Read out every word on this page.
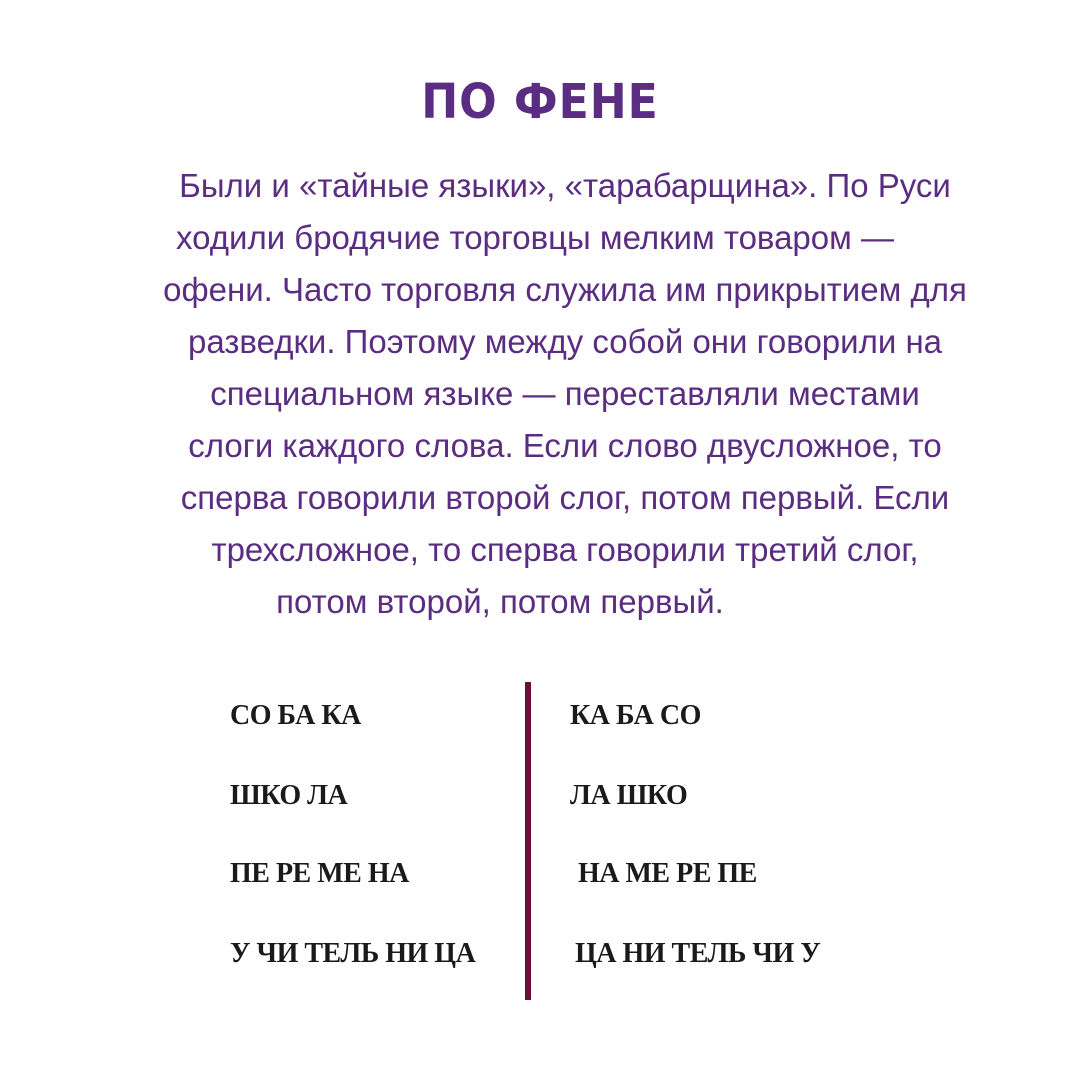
ПО ФЕНЕ
Были и «тайные языки», «тарабарщина». По Руси
ходили бродячие торговцы мелким товаром —
офени. Часто торговля служила им прикрытием для
разведки. Поэтому между собой они говорили на
специальном языке — переставляли местами
слоги каждого слова. Если слово двусложное, то
сперва говорили второй слог, потом первый. Если
трехсложное, то сперва говорили третий слог,
потом второй, потом первый.
СО БА КА	КА БА СО
ШКО ЛА	ЛА ШКО
ПЕ РЕ МЕ НА	НА МЕ РЕ ПЕ
У ЧИ ТЕЛЬ НИ ЦА	ЦА НИ ТЕЛЬ ЧИ У
